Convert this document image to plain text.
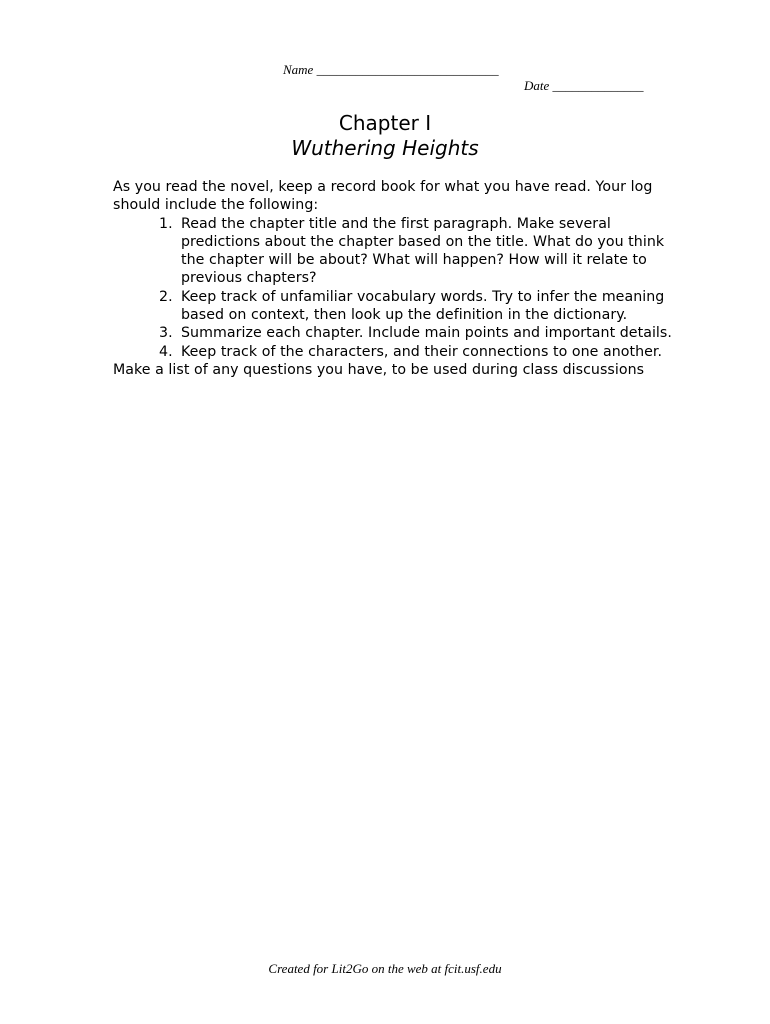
Name ____________________________

Date ______________

Chapter I
Wuthering Heights

As you read the novel, keep a record book for what you have read. Your log should include the following:

1. Read the chapter title and the first paragraph. Make several predictions about the chapter based on the title. What do you think the chapter will be about? What will happen? How will it relate to previous chapters?
2. Keep track of unfamiliar vocabulary words. Try to infer the meaning based on context, then look up the definition in the dictionary.
3. Summarize each chapter. Include main points and important details.
4. Keep track of the characters, and their connections to one another.

Make a list of any questions you have, to be used during class discussions

Created for Lit2Go on the web at fcit.usf.edu
